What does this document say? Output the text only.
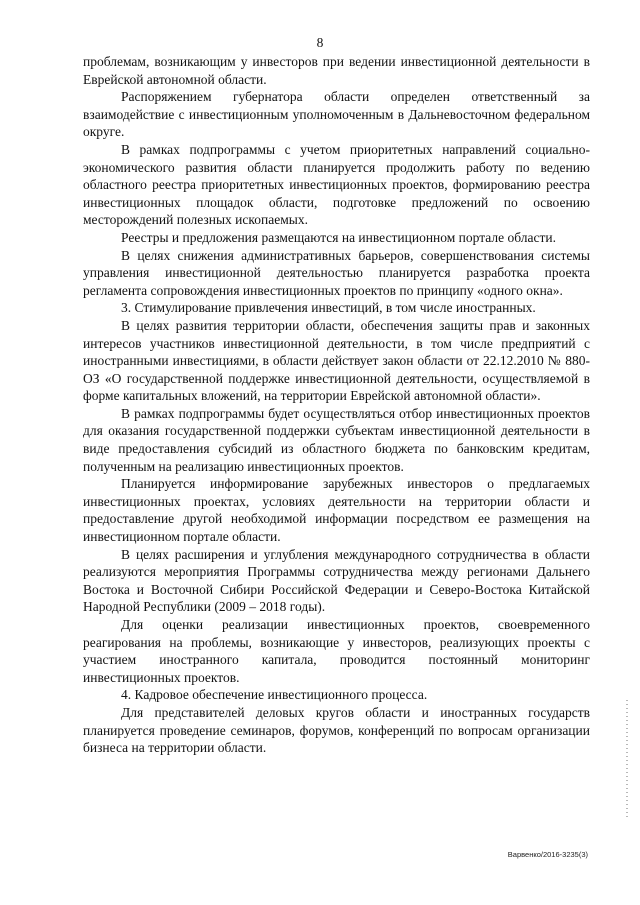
8

проблемам, возникающим у инвесторов при ведении инвестиционной деятельности в Еврейской автономной области.

Распоряжением губернатора области определен ответственный за взаимодействие с инвестиционным уполномоченным в Дальневосточном федеральном округе.

В рамках подпрограммы с учетом приоритетных направлений социально-экономического развития области планируется продолжить работу по ведению областного реестра приоритетных инвестиционных проектов, формированию реестра инвестиционных площадок области, подготовке предложений по освоению месторождений полезных ископаемых.

Реестры и предложения размещаются на инвестиционном портале области.

В целях снижения административных барьеров, совершенствования системы управления инвестиционной деятельностью планируется разработка проекта регламента сопровождения инвестиционных проектов по принципу «одного окна».

3. Стимулирование привлечения инвестиций, в том числе иностранных.

В целях развития территории области, обеспечения защиты прав и законных интересов участников инвестиционной деятельности, в том числе предприятий с иностранными инвестициями, в области действует закон области от 22.12.2010 № 880-ОЗ «О государственной поддержке инвестиционной деятельности, осуществляемой в форме капитальных вложений, на территории Еврейской автономной области».

В рамках подпрограммы будет осуществляться отбор инвестиционных проектов для оказания государственной поддержки субъектам инвестиционной деятельности в виде предоставления субсидий из областного бюджета по банковским кредитам, полученным на реализацию инвестиционных проектов.

Планируется информирование зарубежных инвесторов о предлагаемых инвестиционных проектах, условиях деятельности на территории области и предоставление другой необходимой информации посредством ее размещения на инвестиционном портале области.

В целях расширения и углубления международного сотрудничества в области реализуются мероприятия Программы сотрудничества между регионами Дальнего Востока и Восточной Сибири Российской Федерации и Северо-Востока Китайской Народной Республики (2009 – 2018 годы).

Для оценки реализации инвестиционных проектов, своевременного реагирования на проблемы, возникающие у инвесторов, реализующих проекты с участием иностранного капитала, проводится постоянный мониторинг инвестиционных проектов.

4. Кадровое обеспечение инвестиционного процесса.

Для представителей деловых кругов области и иностранных государств планируется проведение семинаров, форумов, конференций по вопросам организации бизнеса на территории области.

Варвенко/2016-3235(3)
